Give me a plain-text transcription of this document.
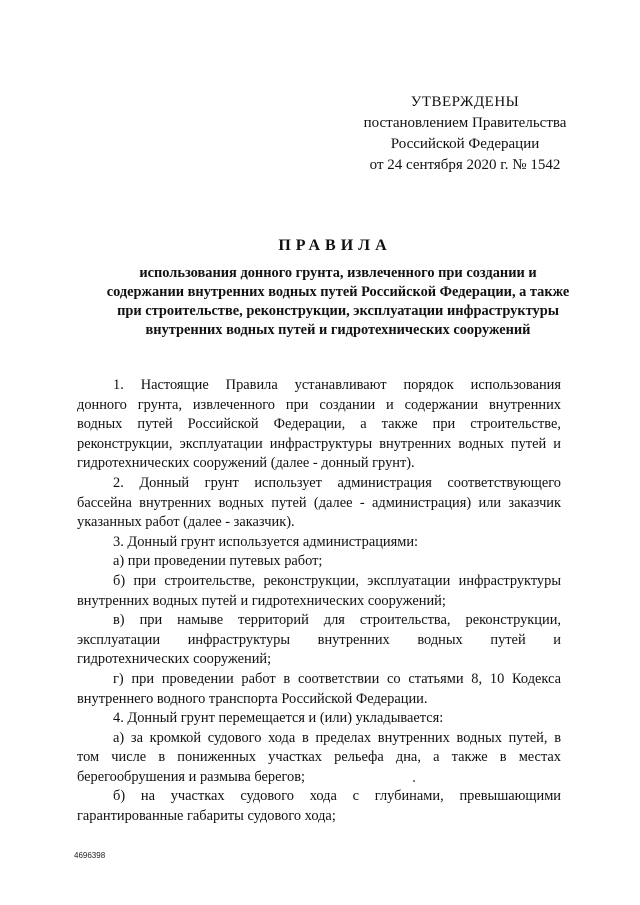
УТВЕРЖДЕНЫ
постановлением Правительства
Российской Федерации
от 24 сентября 2020 г. № 1542
ПРАВИЛА
использования донного грунта, извлеченного при создании и
содержании внутренних водных путей Российской Федерации, а также
при строительстве, реконструкции, эксплуатации инфраструктуры
внутренних водных путей и гидротехнических сооружений
1. Настоящие Правила устанавливают порядок использования
донного грунта, извлеченного при создании и содержании внутренних
водных путей Российской Федерации, а также при строительстве,
реконструкции, эксплуатации инфраструктуры внутренних водных путей и
гидротехнических сооружений (далее - донный грунт).
2. Донный грунт использует администрация соответствующего
бассейна внутренних водных путей (далее - администрация) или заказчик
указанных работ (далее - заказчик).
3. Донный грунт используется администрациями:
а) при проведении путевых работ;
б) при строительстве, реконструкции, эксплуатации инфраструктуры
внутренних водных путей и гидротехнических сооружений;
в) при намыве территорий для строительства, реконструкции,
эксплуатации инфраструктуры внутренних водных путей и
гидротехнических сооружений;
г) при проведении работ в соответствии со статьями 8, 10 Кодекса
внутреннего водного транспорта Российской Федерации.
4. Донный грунт перемещается и (или) укладывается:
а) за кромкой судового хода в пределах внутренних водных путей, в
том числе в пониженных участках рельефа дна, а также в местах
берегообрушения и размыва берегов;
б) на участках судового хода с глубинами, превышающими
гарантированные габариты судового хода;
4696398
